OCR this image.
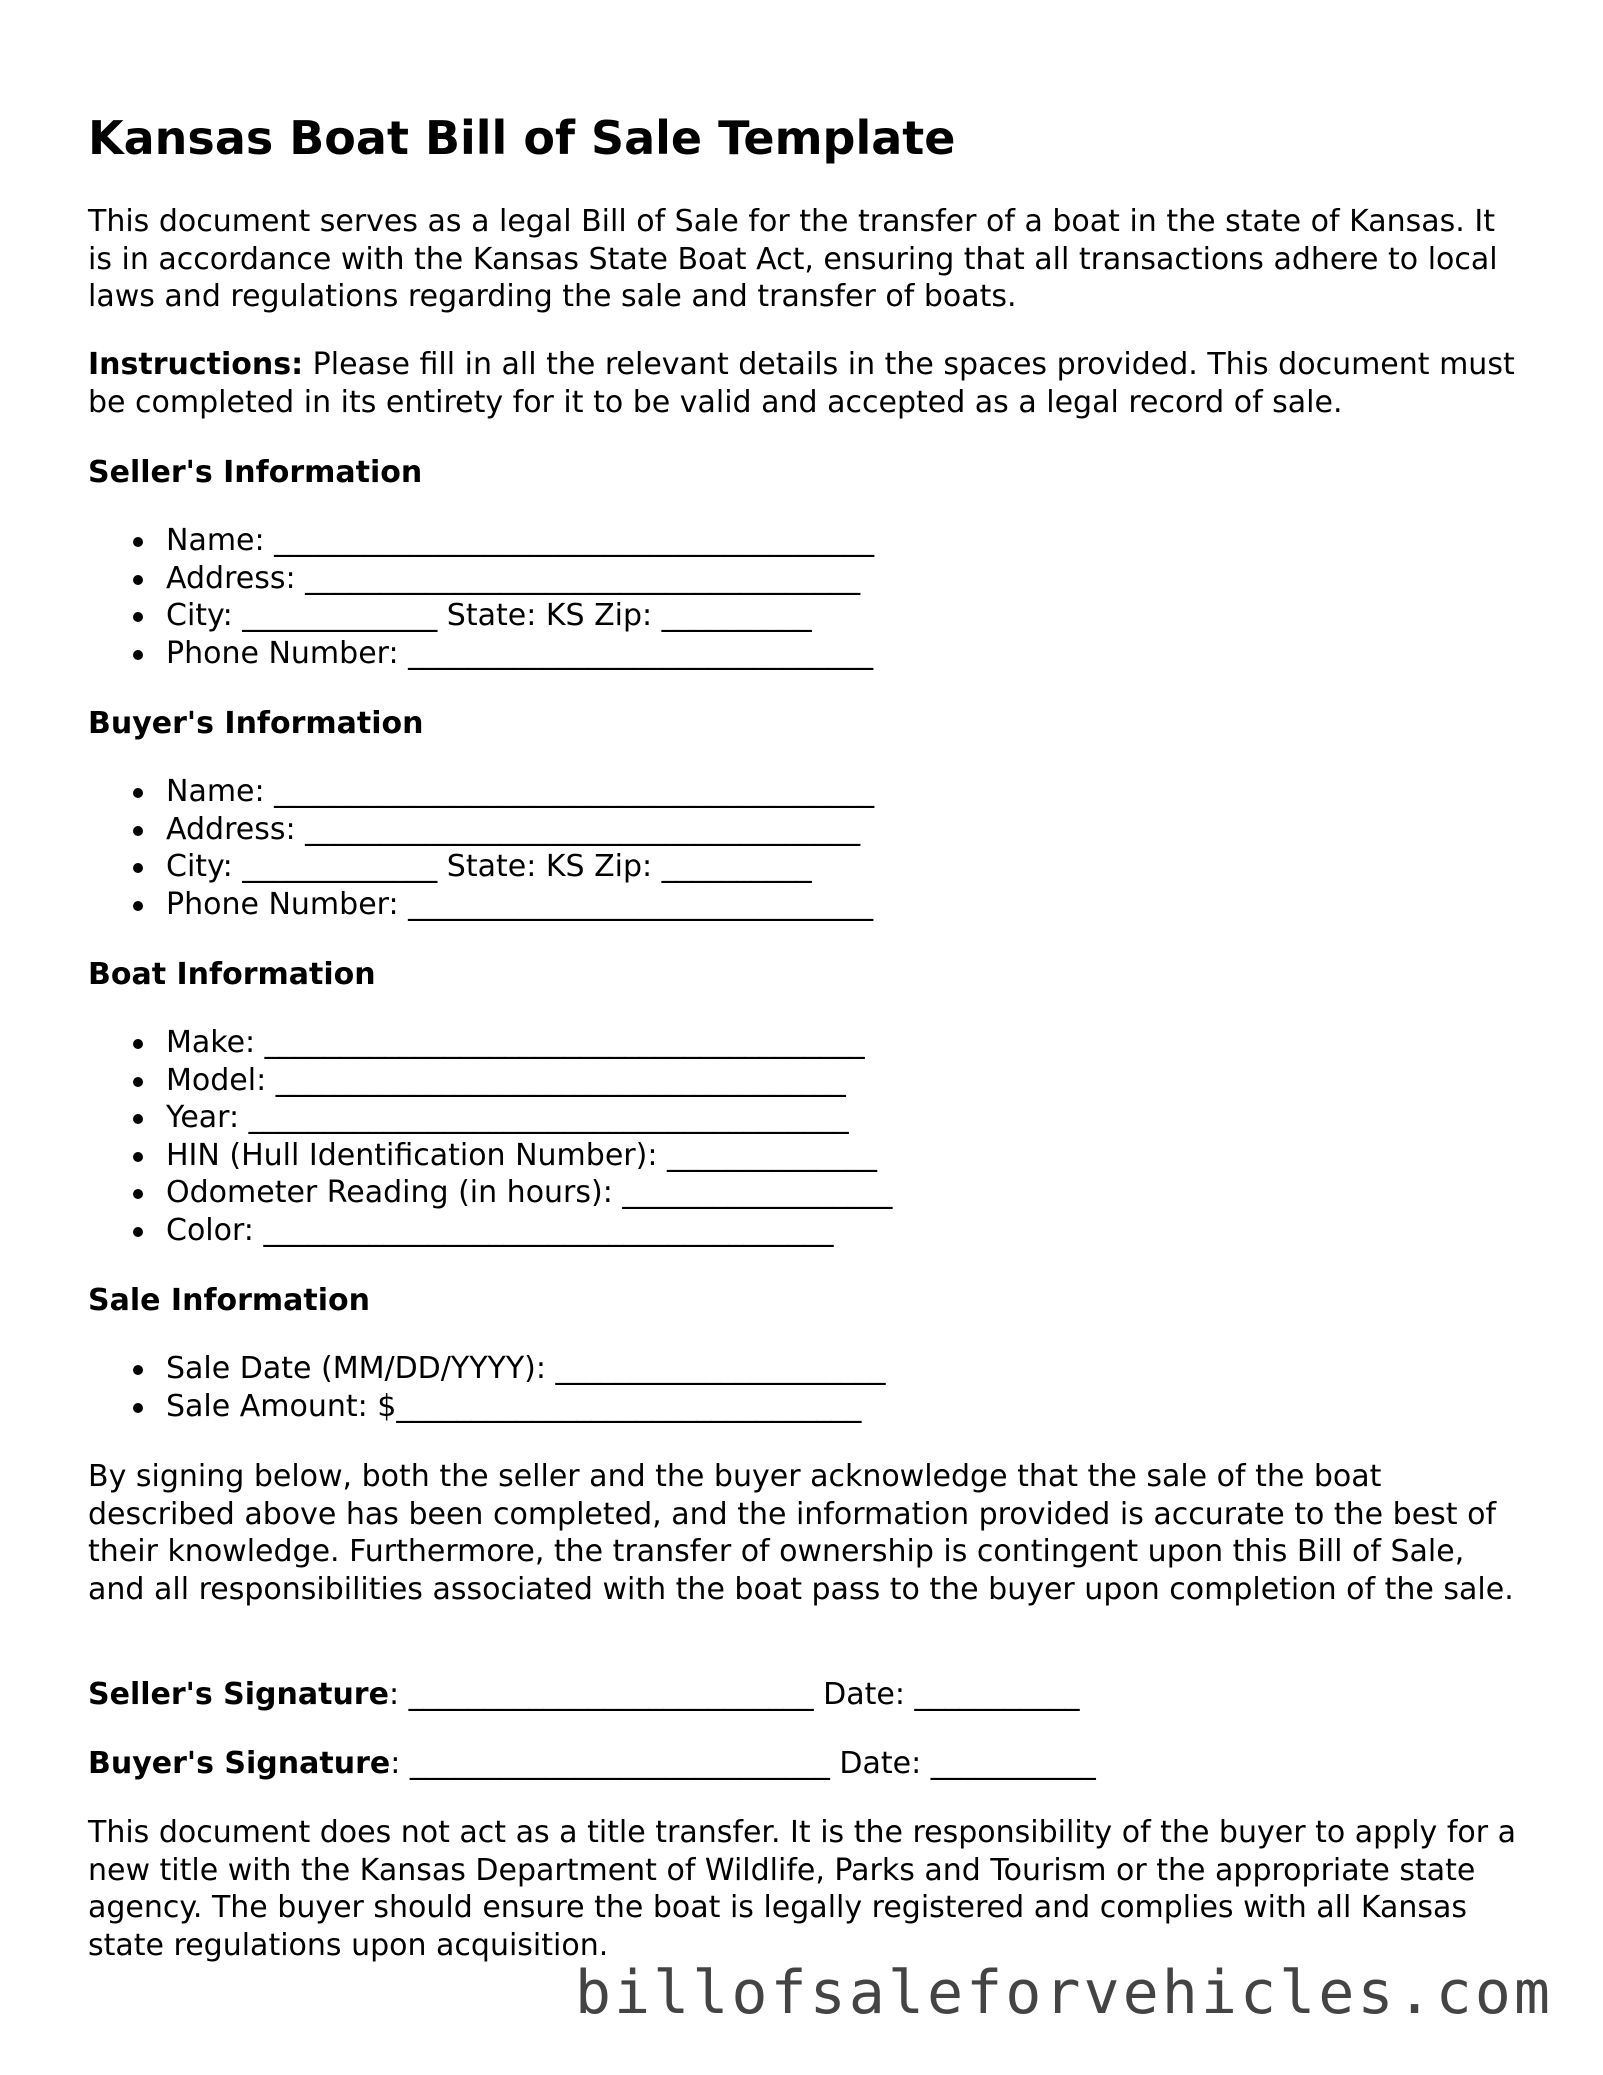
Kansas Boat Bill of Sale Template

This document serves as a legal Bill of Sale for the transfer of a boat in the state of Kansas. It is in accordance with the Kansas State Boat Act, ensuring that all transactions adhere to local laws and regulations regarding the sale and transfer of boats.

Instructions: Please fill in all the relevant details in the spaces provided. This document must be completed in its entirety for it to be valid and accepted as a legal record of sale.

Seller's Information
Name: ________________________________________
Address: _____________________________________
City: _____________ State: KS Zip: __________
Phone Number: _______________________________
Buyer's Information
Name: ________________________________________
Address: _____________________________________
City: _____________ State: KS Zip: __________
Phone Number: _______________________________
Boat Information
Make: ________________________________________
Model: ______________________________________
Year: ________________________________________
HIN (Hull Identification Number): ______________
Odometer Reading (in hours): __________________
Color: ______________________________________
Sale Information
Sale Date (MM/DD/YYYY): ______________________
Sale Amount: $_______________________________

By signing below, both the seller and the buyer acknowledge that the sale of the boat described above has been completed, and the information provided is accurate to the best of their knowledge. Furthermore, the transfer of ownership is contingent upon this Bill of Sale, and all responsibilities associated with the boat pass to the buyer upon completion of the sale.

Seller's Signature: ___________________________ Date: ___________

Buyer's Signature: ____________________________ Date: ___________

This document does not act as a title transfer. It is the responsibility of the buyer to apply for a new title with the Kansas Department of Wildlife, Parks and Tourism or the appropriate state agency. The buyer should ensure the boat is legally registered and complies with all Kansas state regulations upon acquisition.

billofsaleforvehicles.com
